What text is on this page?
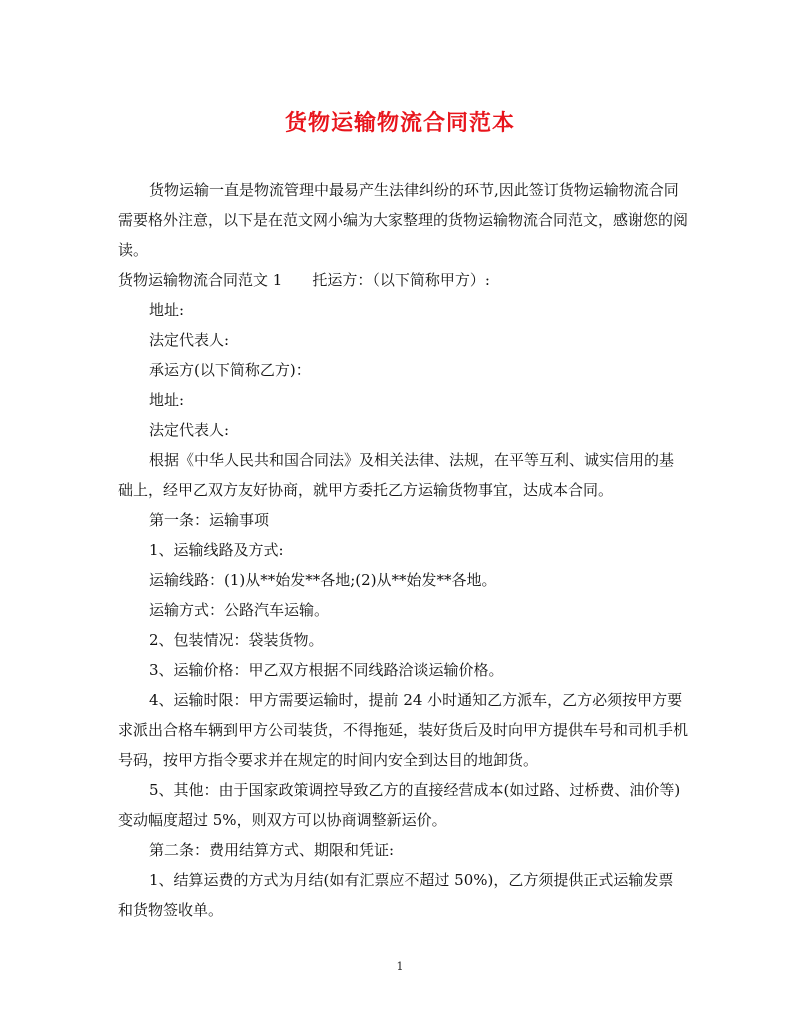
货物运输物流合同范本

货物运输一直是物流管理中最易产生法律纠纷的环节,因此签订货物运输物流合同需要格外注意，以下是在范文网小编为大家整理的货物运输物流合同范文，感谢您的阅读。

货物运输物流合同范文 1　　托运方：（以下简称甲方）:

地址:

法定代表人:

承运方(以下简称乙方)：

地址:

法定代表人:

根据《中华人民共和国合同法》及相关法律、法规，在平等互利、诚实信用的基础上，经甲乙双方友好协商，就甲方委托乙方运输货物事宜，达成本合同。

第一条：运输事项

1、运输线路及方式:

运输线路：(1)从**始发**各地;(2)从**始发**各地。

运输方式：公路汽车运输。

2、包装情况：袋装货物。

3、运输价格：甲乙双方根据不同线路洽谈运输价格。

4、运输时限：甲方需要运输时，提前 24 小时通知乙方派车，乙方必须按甲方要求派出合格车辆到甲方公司装货，不得拖延，装好货后及时向甲方提供车号和司机手机号码，按甲方指令要求并在规定的时间内安全到达目的地卸货。

5、其他：由于国家政策调控导致乙方的直接经营成本(如过路、过桥费、油价等)变动幅度超过 5%，则双方可以协商调整新运价。

第二条：费用结算方式、期限和凭证:

1、结算运费的方式为月结(如有汇票应不超过 50%)，乙方须提供正式运输发票和货物签收单。

1
